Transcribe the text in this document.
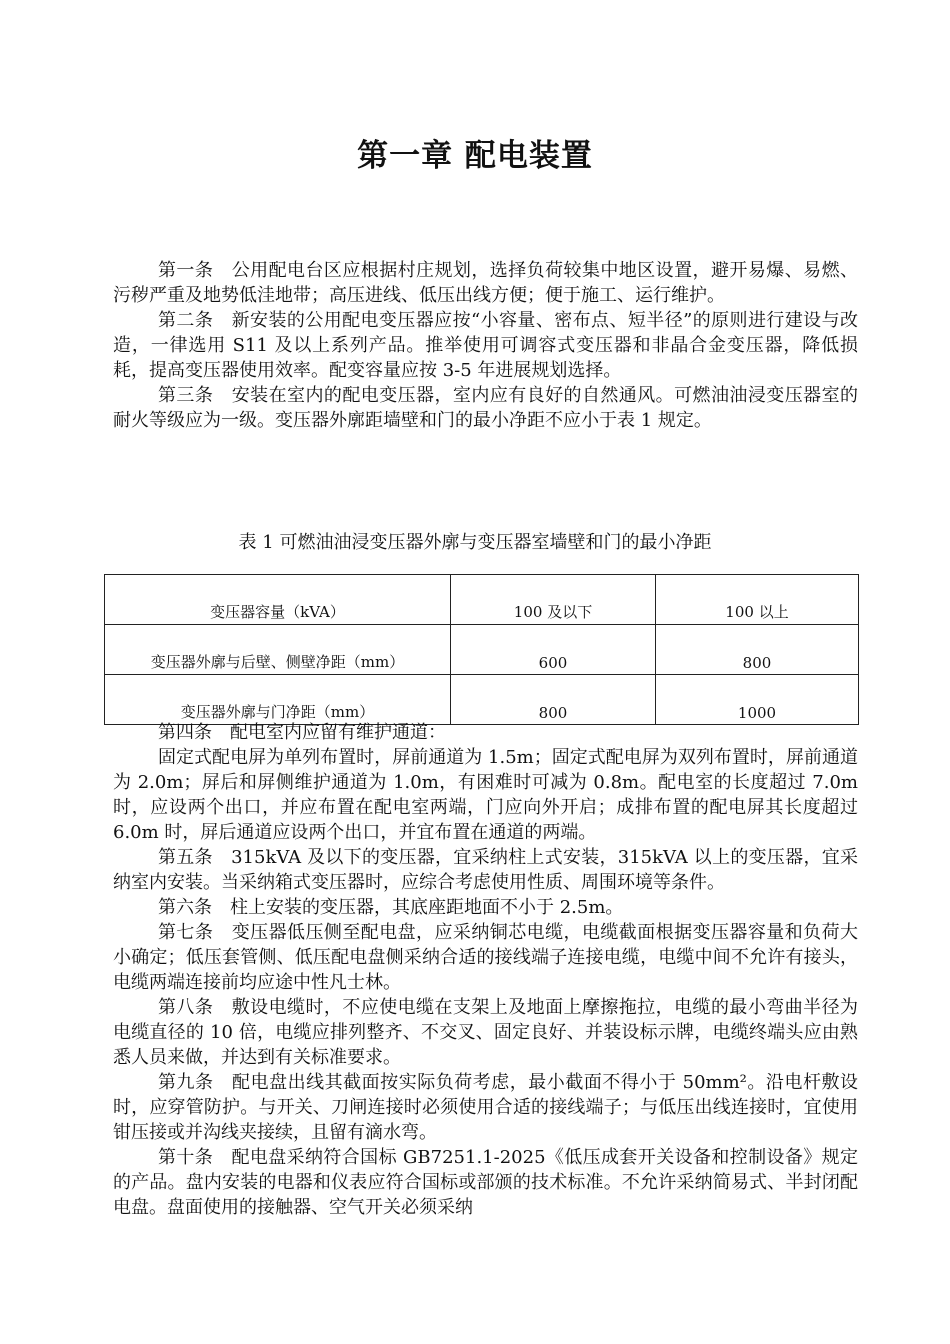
第一章 配电装置

第一条　公用配电台区应根据村庄规划，选择负荷较集中地区设置，避开易爆、易燃、污秽严重及地势低洼地带；高压进线、低压出线方便；便于施工、运行维护。

第二条　新安装的公用配电变压器应按“小容量、密布点、短半径”的原则进行建设与改造，一律选用 S11 及以上系列产品。推举使用可调容式变压器和非晶合金变压器，降低损耗，提高变压器使用效率。配变容量应按 3-5 年进展规划选择。

第三条　安装在室内的配电变压器，室内应有良好的自然通风。可燃油油浸变压器室的耐火等级应为一级。变压器外廓距墙壁和门的最小净距不应小于表 1 规定。

表 1 可燃油油浸变压器外廓与变压器室墙壁和门的最小净距
变压器容量（kVA）	100 及以下	100 以上
变压器外廓与后壁、侧壁净距（mm）	600	800
变压器外廓与门净距（mm）	800	1000

第四条　配电室内应留有维护通道：

固定式配电屏为单列布置时，屏前通道为 1.5m；固定式配电屏为双列布置时，屏前通道为 2.0m；屏后和屏侧维护通道为 1.0m，有困难时可减为 0.8m。配电室的长度超过 7.0m 时，应设两个出口，并应布置在配电室两端，门应向外开启；成排布置的配电屏其长度超过 6.0m 时，屏后通道应设两个出口，并宜布置在通道的两端。

第五条　315kVA 及以下的变压器，宜采纳柱上式安装，315kVA 以上的变压器，宜采纳室内安装。当采纳箱式变压器时，应综合考虑使用性质、周围环境等条件。

第六条　柱上安装的变压器，其底座距地面不小于 2.5m。

第七条　变压器低压侧至配电盘，应采纳铜芯电缆，电缆截面根据变压器容量和负荷大小确定；低压套管侧、低压配电盘侧采纳合适的接线端子连接电缆，电缆中间不允许有接头，电缆两端连接前均应途中性凡士林。

第八条　敷设电缆时，不应使电缆在支架上及地面上摩擦拖拉，电缆的最小弯曲半径为电缆直径的 10 倍，电缆应排列整齐、不交叉、固定良好、并装设标示牌，电缆终端头应由熟悉人员来做，并达到有关标准要求。

第九条　配电盘出线其截面按实际负荷考虑，最小截面不得小于 50mm²。沿电杆敷设时，应穿管防护。与开关、刀闸连接时必须使用合适的接线端子；与低压出线连接时，宜使用钳压接或并沟线夹接续，且留有滴水弯。

第十条　配电盘采纳符合国标 GB7251.1-2025《低压成套开关设备和控制设备》规定的产品。盘内安装的电器和仪表应符合国标或部颁的技术标准。不允许采纳简易式、半封闭配电盘。盘面使用的接触器、空气开关必须采纳
